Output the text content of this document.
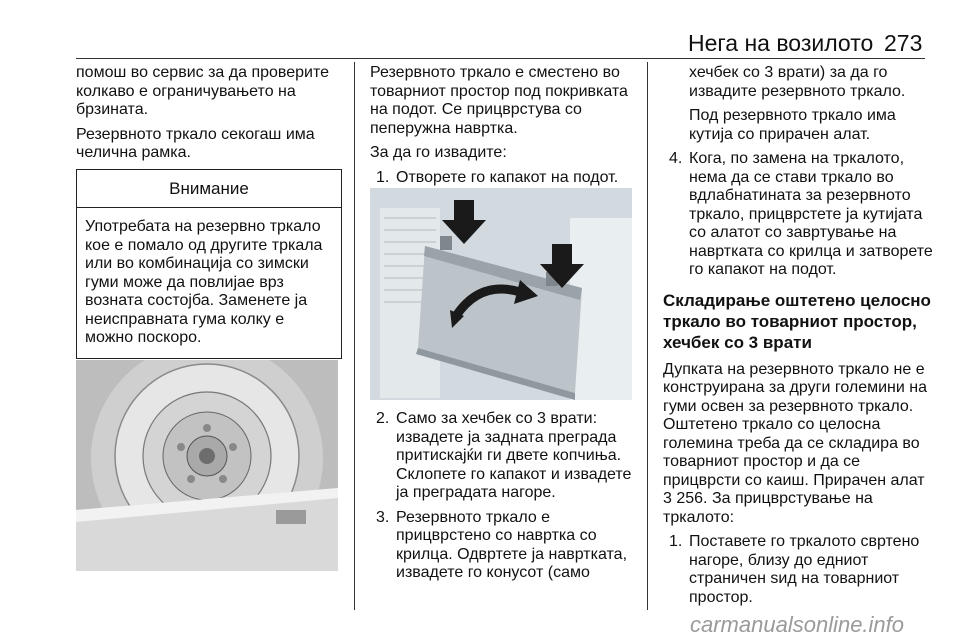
Нега на возилото 273

помош во сервис за да проверите колкаво е ограничувањето на брзината.

Резервното тркало секогаш има челична рамка.

Внимание
Употребата на резервно тркало кое е помало од другите тркала или во комбинација со зимски гуми може да повлијае врз возната состојба. Заменете ја неисправната гума колку е можно поскоро.

Резервното тркало е сместено во товарниот простор под покривката на подот. Се прицврстува со пеперужна навртка.

За да го извадите:

1. Отворете го капакот на подот.
2. Само за хечбек со 3 врати: извадете ја задната преграда притискајќи ги двете копчиња. Склопете го капакот и извадете ја преградата нагоре.
3. Резервното тркало е прицврстено со навртка со крилца. Одвртете ја навртката, извадете го конусот (само

хечбек со 3 врати) за да го извадите резервното тркало.

Под резервното тркало има кутија со прирачен алат.

4. Кога, по замена на тркалото, нема да се стави тркало во вдлабнатината за резервното тркало, прицврстете ја кутијата со алатот со завртување на навртката со крилца и затворете го капакот на подот.
Складирање оштетено целосно тркало во товарниот простор, хечбек со 3 врати

Дупката на резервното тркало не е конструирана за други големини на гуми освен за резервното тркало. Оштетено тркало со целосна големина треба да се складира во товарниот простор и да се прицврсти со каиш. Прирачен алат
3 256. За прицврстување на тркалото:

1. Поставете го тркалото свртено нагоре, близу до едниот страничен ѕид на товарниот простор.
carmanualsonline.info
